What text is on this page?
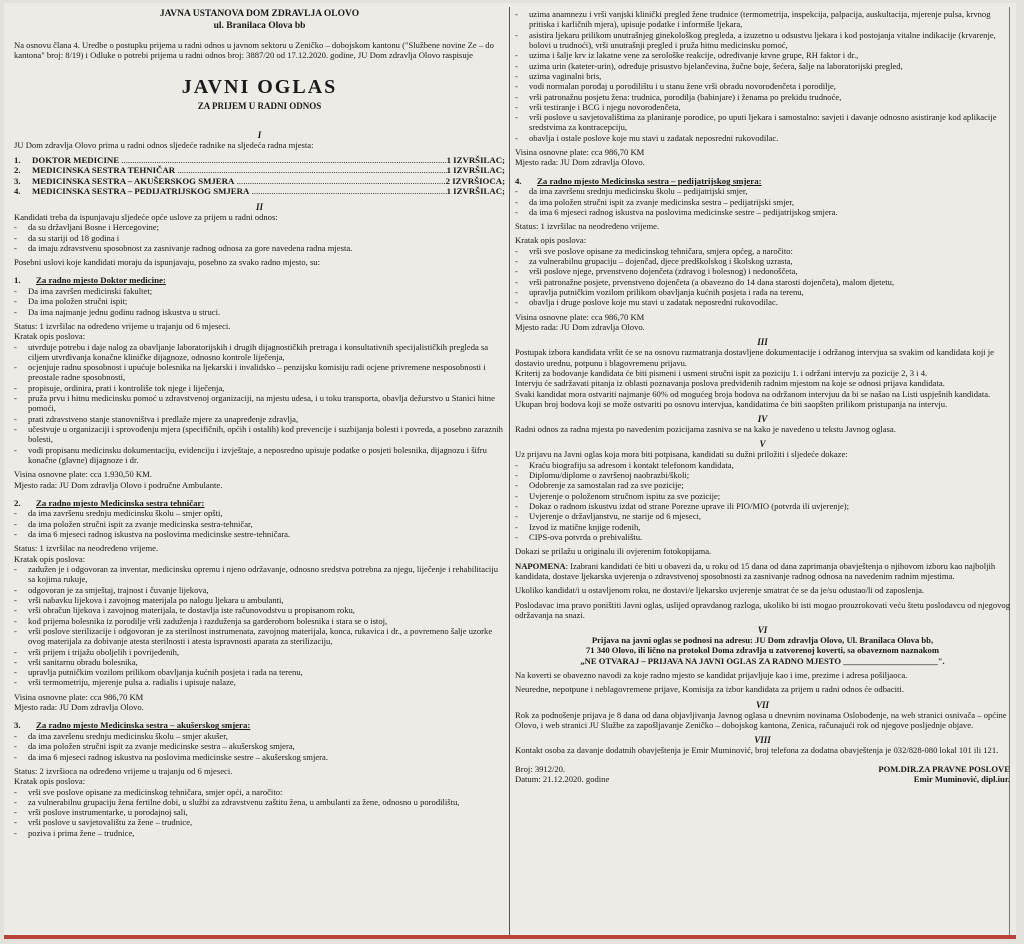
JAVNA USTANOVA DOM ZDRAVLJA OLOVO

ul. Branilaca Olova bb

Na osnovu člana 4. Uredbe o postupku prijema u radni odnos u javnom sektoru u Zeničko – dobojskom kantonu ("Službene novine Ze – do kantona" broj: 8/19) i Odluke o potrebi prijema u radni odnos broj: 3887/20 od 17.12.2020. godine, JU Dom zdravlja Olovo raspisuje

JAVNI OGLAS

ZA PRIJEM U RADNI ODNOS

I

JU Dom zdravlja Olovo prima u radni odnos sljedeće radnike na sljedeća radna mjesta:

1.	DOKTOR MEDICINE .....	1 IZVRŠILAC;
2.	MEDICINSKA SESTRA TEHNIČAR .....	1 IZVRŠILAC;
3.	MEDICINSKA SESTRA – AKUŠERSKOG SMJERA .....	2 IZVRŠIOCA;
4.	MEDICINSKA SESTRA – PEDIJATRIJSKOG SMJERA .....	1 IZVRŠILAC;

II

Kandidati treba da ispunjavaju sljedeće opće uslove za prijem u radni odnos:

-	da su državljani Bosne i Hercegovine;
-	da su stariji od 18 godina i
-	da imaju zdravstvenu sposobnost za zasnivanje radnog odnosa za gore navedena radna mjesta.

Posebni uslovi koje kandidati moraju da ispunjavaju, posebno za svako radno mjesto, su:

1.	Za radno mjesto Doktor medicine:
-	Da ima završen medicinski fakultet;
-	Da ima položen stručni ispit;
-	Da ima najmanje jednu godinu radnog iskustva u struci.

Status: 1 izvršilac na određeno vrijeme u trajanju od 6 mjeseci.

Kratak opis poslova:

-	utvrđuje potrebu i daje nalog za obavljanje laboratorijskih i drugih dijagnostičkih pretraga i konsultativnih specijalističkih pregleda sa ciljem utvrđivanja konačne kliničke dijagnoze, odnosno kontrole liječenja,
-	ocjenjuje radnu sposobnost i upućuje bolesnika na ljekarski i invalidsko – penzijsku komisiju radi ocjene privremene nesposobnosti i preostale radne sposobnosti,
-	propisuje, ordinira, prati i kontroliše tok njege i liječenja,
-	pruža prvu i hitnu medicinsku pomoć u zdravstvenoj organizaciji, na mjestu udesa, i u toku transporta, obavlja dežurstvo u Stanici hitne pomoći,
-	prati zdravstveno stanje stanovništva i predlaže mjere za unapređenje zdravlja,
-	učestvuje u organizaciji i sprovođenju mjera (specifičnih, općih i ostalih) kod prevencije i suzbijanja bolesti i povreda, a posebno zaraznih bolesti,
-	vodi propisanu medicinsku dokumentaciju, evidenciju i izvještaje, a neposredno upisuje podatke o posjeti bolesnika, dijagnozu i šifru konačne (glavne) dijagnoze i dr.

Visina osnovne plate: cca 1.930,50 KM.

Mjesto rada: JU Dom zdravlja Olovo i područne Ambulante.

2.	Za radno mjesto Medicinska sestra tehničar:
-	da ima završenu srednju medicinsku školu – smjer opšti,
-	da ima položen stručni ispit za zvanje medicinska sestra-tehničar,
-	da ima 6 mjeseci radnog iskustva na poslovima medicinske sestre-tehničara.

Status: 1 izvršilac na neodređeno vrijeme.

Kratak opis poslova:

-	zadužen je i odgovoran za inventar, medicinsku opremu i njeno održavanje, odnosno sredstva potrebna za njegu, liječenje i rehabilitaciju sa kojima rukuje,
-	odgovoran je za smještaj, trajnost i čuvanje lijekova,
-	vrši nabavku lijekova i zavojnog materijala po nalogu ljekara u ambulanti,
-	vrši obračun lijekova i zavojnog materijala, te dostavlja iste računovodstvu u propisanom roku,
-	kod prijema bolesnika iz porodilje vrši zaduženja i razduženja sa garderobom bolesnika i stara se o istoj,
-	vrši poslove sterilizacije i odgovoran je za sterilnost instrumenata, zavojnog materijala, konca, rukavica i dr., a povremeno šalje uzorke ovog materijala za dobivanje atesta sterilnosti i atesta ispravnosti aparata za sterilizaciju,
-	vrši prijem i trijažu oboljelih i povrijeđenih,
-	vrši sanitarnu obradu bolesnika,
-	upravlja putničkim vozilom prilikom obavljanja kućnih posjeta i rada na terenu,
-	vrši termometriju, mjerenje pulsa a. radialis i upisuje nalaze,

Visina osnovne plate: cca 986,70 KM

Mjesto rada: JU Dom zdravlja Olovo.

3.	Za radno mjesto Medicinska sestra – akušerskog smjera:
-	da ima završenu srednju medicinsku školu – smjer akušer,
-	da ima položen stručni ispit za zvanje medicinske sestra – akušerskog smjera,
-	da ima 6 mjeseci radnog iskustva na poslovima medicinske sestre – akušerskog smjera.

Status: 2 izvršioca na određeno vrijeme u trajanju od 6 mjeseci.

Kratak opis poslova:

-	vrši sve poslove opisane za medicinskog tehničara, smjer opći, a naročito:
-	za vulnerabilnu grupaciju žena fertilne dobi, u službi za zdravstvenu zaštitu žena, u ambulanti za žene, odnosno u porodilištu,
-	vrši poslove instrumentarke, u porodajnoj sali,
-	vrši poslove u savjetovalištu za žene – trudnice,
-	poziva i prima žene – trudnice,
-	uzima anamnezu i vrši vanjski klinički pregled žene trudnice (termometrija, inspekcija, palpacija, auskultacija, mjerenje pulsa, krvnog pritiska i karličnih mjera), upisuje podatke i informiše ljekara,
-	asistira ljekaru prilikom unutrašnjeg ginekološkog pregleda, a izuzetno u odsustvu ljekara i kod postojanja vitalne indikacije (krvarenje, bolovi u trudnoći), vrši unutrašnji pregled i pruža hitnu medicinsku pomoć,
-	uzima i šalje krv iz lakatne vene za serološke reakcije, određivanje krvne grupe, RH faktor i dr.,
-	uzima urin (kateter-urin), određuje prisustvo bjelančevina, žučne boje, šećera, šalje na laboratorijski pregled,
-	uzima vaginalni bris,
-	vodi normalan porođaj u porodilištu i u stanu žene vrši obradu novorođenčeta i porodilje,
-	vrši patronažnu posjetu žena: trudnica, porodilja (babinjare) i ženama po prekidu trudnoće,
-	vrši testiranje i BCG i njegu novorođenčeta,
-	vrši poslove u savjetovalištima za planiranje porodice, po uputi ljekara i samostalno: savjeti i davanje odnosno asistiranje kod aplikacije sredstvima za kontracepciju,
-	obavlja i ostale poslove koje mu stavi u zadatak neposredni rukovodilac.

Visina osnovne plate: cca 986,70 KM

Mjesto rada: JU Dom zdravlja Olovo.

4.	Za radno mjesto Medicinska sestra – pedijatrijskog smjera:
-	da ima završenu srednju medicinsku školu – pedijatrijski smjer,
-	da ima položen stručni ispit za zvanje medicinska sestra – pedijatrijski smjer,
-	da ima 6 mjeseci radnog iskustva na poslovima medicinske sestre – pedijatrijskog smjera.

Status: 1 izvršilac na neodređeno vrijeme.

Kratak opis poslova:

-	vrši sve poslove opisane za medicinskog tehničara, smjera općeg, a naročito:
-	za vulnerabilnu grupaciju – dojenčad, djece predškolskog i školskog uzrasta,
-	vrši poslove njege, prvenstveno dojenčeta (zdravog i bolesnog) i nedonoščeta,
-	vrši patronažne posjete, prvenstveno dojenčeta (a obavezno do 14 dana starosti dojenčeta), malom djetetu,
-	upravlja putničkim vozilom prilikom obavljanja kućnih posjeta i rada na terenu,
-	obavlja i druge poslove koje mu stavi u zadatak neposredni rukovodilac.

Visina osnovne plate: cca 986,70 KM

Mjesto rada: JU Dom zdravlja Olovo.

III

Postupak izbora kandidata vršit će se na osnovu razmatranja dostavljene dokumentacije i održanog intervjua sa svakim od kandidata koji je dostavio urednu, potpunu i blagovremenu prijavu.

Kriterij za bodovanje kandidata će biti pismeni i usmeni stručni ispit za poziciju 1. i održani intervju za pozicije 2, 3 i 4.

Intervju će sadržavati pitanja iz oblasti poznavanja poslova predviđenih radnim mjestom na koje se odnosi prijava kandidata.

Svaki kandidat mora ostvariti najmanje 60% od mogućeg broja bodova na održanom intervjuu da bi se našao na Listi uspješnih kandidata.

Ukupan broj bodova koji se može ostvariti po osnovu intervjua, kandidatima će biti saopšten prilikom pristupanja na intervju.

IV

Radni odnos za radna mjesta po navedenim pozicijama zasniva se na kako je navedeno u tekstu Javnog oglasa.

V

Uz prijavu na Javni oglas koja mora biti potpisana, kandidati su dužni priložiti i sljedeće dokaze:

-	Kraću biografiju sa adresom i kontakt telefonom kandidata,
-	Diplomu/diplome o završenoj naobrazbi/školi;
-	Odobrenje za samostalan rad za sve pozicije;
-	Uvjerenje o položenom stručnom ispitu za sve pozicije;
-	Dokaz o radnom iskustvu izdat od strane Poreznе uprave ili PIO/MIO (potvrda ili uvjerenje);
-	Uvjerenje o državljanstvu, ne starije od 6 mjeseci,
-	Izvod iz matične knjige rođenih,
-	CIPS-ova potvrda o prebivalištu.

Dokazi se prilažu u originalu ili ovjerenim fotokopijama.

NAPOMENA: Izabrani kandidati će biti u obavezi da, u roku od 15 dana od dana zaprimanja obavještenja o njihovom izboru kao najboljih kandidata, dostave ljekarska uvjerenja o zdravstvenoj sposobnosti za zasnivanje radnog odnosa na navedenim radnim mjestima.

Ukoliko kandidat/i u ostavljenom roku, ne dostavi/e ljekarsko uvjerenje smatrat će se da je/su odustao/li od zaposlenja.

Poslodavac ima pravo poništiti Javni oglas, uslijed opravdanog razloga, ukoliko bi isti mogao prouzrokovati veću štetu poslodavcu od njegovog održavanja na snazi.

VI

Prijava na javni oglas se podnosi na adresu: JU Dom zdravlja Olovo, Ul. Branilaca Olova bb,

71 340 Olovo, ili lično na protokol Doma zdravlja u zatvorenoj koverti, sa obaveznom naznakom

„NE OTVARAJ – PRIJAVA NA JAVNI OGLAS ZA RADNO MJESTO ______________________".

Na koverti se obavezno navodi za koje radno mjesto se kandidat prijavljuje kao i ime, prezime i adresa pošiljaoca.

Neuredne, nepotpune i neblagovremene prijave, Komisija za izbor kandidata za prijem u radni odnos će odbaciti.

VII

Rok za podnošenje prijava je 8 dana od dana objavljivanja Javnog oglasa u dnevnim novinama Oslobođenje, na web stranici osnivača – općine Olovo, i web stranici JU Službe za zapošljavanje Zeničko – dobojskog kantona, Zenica, računajući rok od njegove posljednje objave.

VIII

Kontakt osoba za davanje dodatnih obavještenja je Emir Muminović, broj telefona za dodatna obavještenja je 032/828-080 lokal 101 ili 121.

Broj: 3912/20.

Datum: 21.12.2020. godine

POM.DIR.ZA PRAVNE POSLOVE

Emir Muminović, dipl.iur.
